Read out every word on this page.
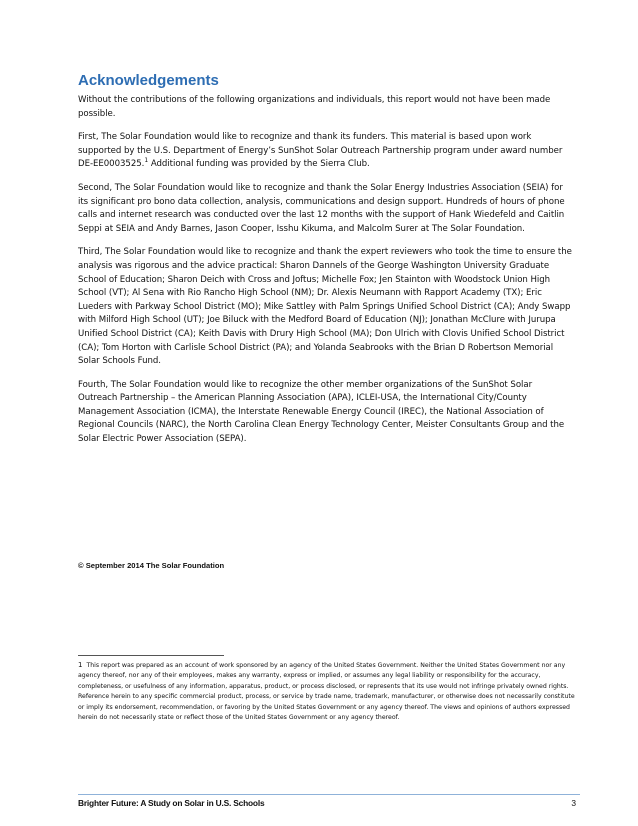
Acknowledgements

Without the contributions of the following organizations and individuals, this report would not have been made possible.

First, The Solar Foundation would like to recognize and thank its funders. This material is based upon work supported by the U.S. Department of Energy’s SunShot Solar Outreach Partnership program under award number DE-EE0003525.$^1$ Additional funding was provided by the Sierra Club.

Second, The Solar Foundation would like to recognize and thank the Solar Energy Industries Association (SEIA) for its significant pro bono data collection, analysis, communications and design support. Hundreds of hours of phone calls and internet research was conducted over the last 12 months with the support of Hank Wiedefeld and Caitlin Seppi at SEIA and Andy Barnes, Jason Cooper, Isshu Kikuma, and Malcolm Surer at The Solar Foundation.

Third, The Solar Foundation would like to recognize and thank the expert reviewers who took the time to ensure the analysis was rigorous and the advice practical: Sharon Dannels of the George Washington University Graduate School of Education; Sharon Deich with Cross and Joftus; Michelle Fox; Jen Stainton with Woodstock Union High School (VT); Al Sena with Rio Rancho High School (NM); Dr. Alexis Neumann with Rapport Academy (TX); Eric Lueders with Parkway School District (MO); Mike Sattley with Palm Springs Unified School District (CA); Andy Swapp with Milford High School (UT); Joe Biluck with the Medford Board of Education (NJ); Jonathan McClure with Jurupa Unified School District (CA); Keith Davis with Drury High School (MA); Don Ulrich with Clovis Unified School District (CA); Tom Horton with Carlisle School District (PA); and Yolanda Seabrooks with the Brian D Robertson Memorial Solar Schools Fund.

Fourth, The Solar Foundation would like to recognize the other member organizations of the SunShot Solar Outreach Partnership – the American Planning Association (APA), ICLEI-USA, the International City/County Management Association (ICMA), the Interstate Renewable Energy Council (IREC), the National Association of Regional Councils (NARC), the North Carolina Clean Energy Technology Center, Meister Consultants Group and the Solar Electric Power Association (SEPA).

© September 2014 The Solar Foundation

1 This report was prepared as an account of work sponsored by an agency of the United States Government. Neither the United States Government nor any agency thereof, nor any of their employees, makes any warranty, express or implied, or assumes any legal liability or responsibility for the accuracy, completeness, or usefulness of any information, apparatus, product, or process disclosed, or represents that its use would not infringe privately owned rights. Reference herein to any specific commercial product, process, or service by trade name, trademark, manufacturer, or otherwise does not necessarily constitute or imply its endorsement, recommendation, or favoring by the United States Government or any agency thereof. The views and opinions of authors expressed herein do not necessarily state or reflect those of the United States Government or any agency thereof.

Brighter Future: A Study on Solar in U.S. Schools	3
